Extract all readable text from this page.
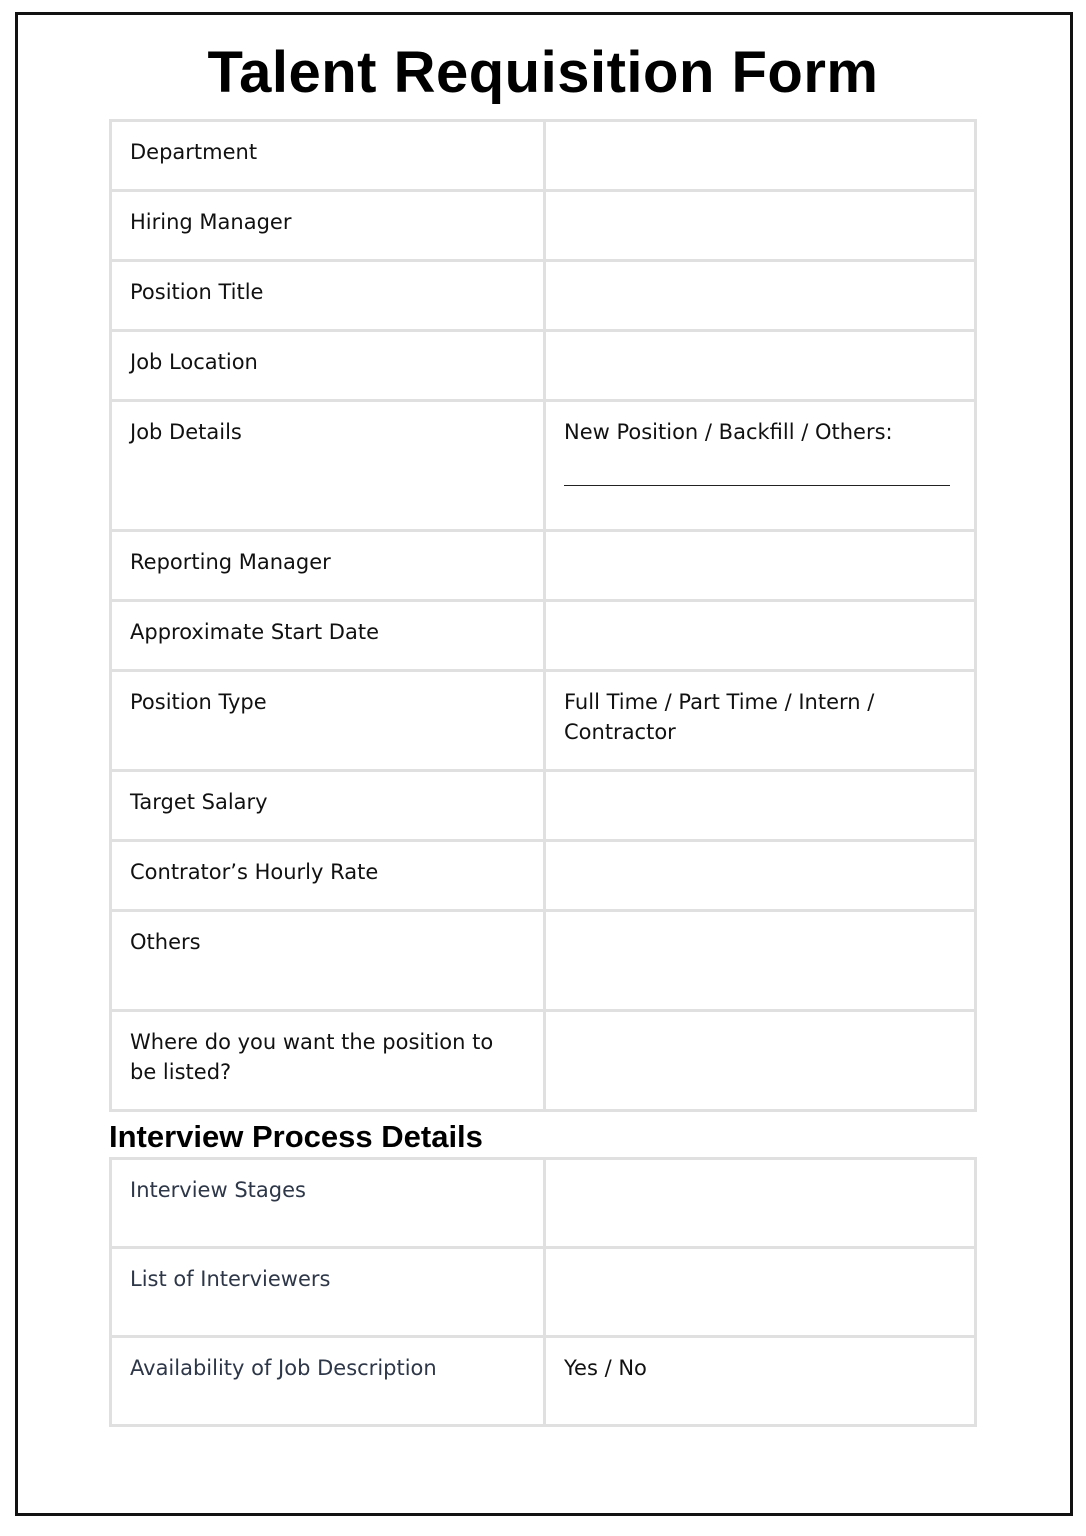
Talent Requisition Form
Department	

Hiring Manager	

Position Title	

Job Location	

Job Details	New Position / Backfill / Others:

Reporting Manager	

Approximate Start Date	

Position Type	Full Time / Part Time / Intern / Contractor

Target Salary	

Contrator’s Hourly Rate	

Others	

Where do you want the position to be listed?	

Interview Process Details
Interview Stages	

List of Interviewers	

Availability of Job Description	Yes / No
